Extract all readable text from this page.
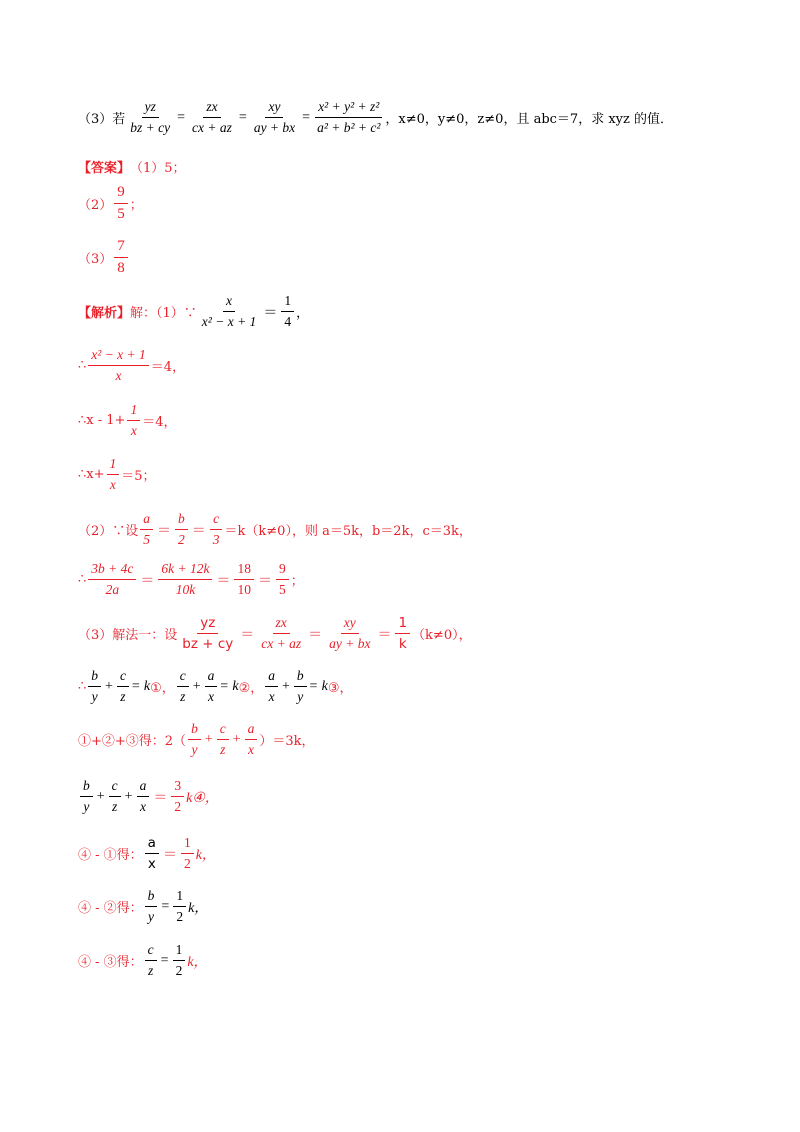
（3）若 $\frac{yz}{bz + cy} = \frac{zx}{cx + az} = \frac{xy}{ay + bx} = \frac{\text{x² + y² + z²}}{\text{a² + b² + c²}}$ ，x≠0，y≠0，z≠0，且 abc＝7，求 xyz 的值．
【答案】 （1）5；
$(2) \frac{9}{5}$ ；
$(3) \frac{7}{8}$
【解析】 解：（1）∵ $\frac{x}{\text{x² − x + 1}} = \frac{1}{4}$ ，
∴ $\frac{\text{x² − x + 1}}{x} =4$，
∴x - $1+ \frac{1}{x} =4$，
∴x+ $\frac{1}{x} =5$；
（2）∵设 $\frac{a}{5} = \frac{b}{2} = \frac{c}{3} =k(k\ne 0)$，则 a＝5k，b＝2k，c＝3k，
∴ $\frac{3b + 4c}{2a} = \frac{6k + 12k}{10k} = \frac{18}{10} = \frac{9}{5}$ ；
（3）解法一：设 $\frac{yz}{bz + cy} = \frac{zx}{cx + az} = \frac{xy}{ay + bx} = \frac{1}{k} (k\ne 0)$，
∴ $\frac{b}{y} + \frac{c}{z} = k$ ①， $\frac{c}{z} + \frac{a}{x} = k$ ②， $\frac{a}{x} + \frac{b}{y} = k$ ③，
①+②+③得：$2( \frac{b}{y} + \frac{c}{z} + \frac{a}{x} )=3k$，
$\frac{b}{y} + \frac{c}{z} + \frac{a}{x} = \frac{3}{2}$ k④，
④ - ①得： $\frac{a}{x} = \frac{1}{2}$ k，
④ - ②得： $\frac{b}{y} = \frac{1}{2}$ k，
④ - ③得： $\frac{c}{z} = \frac{1}{2}$ k，
